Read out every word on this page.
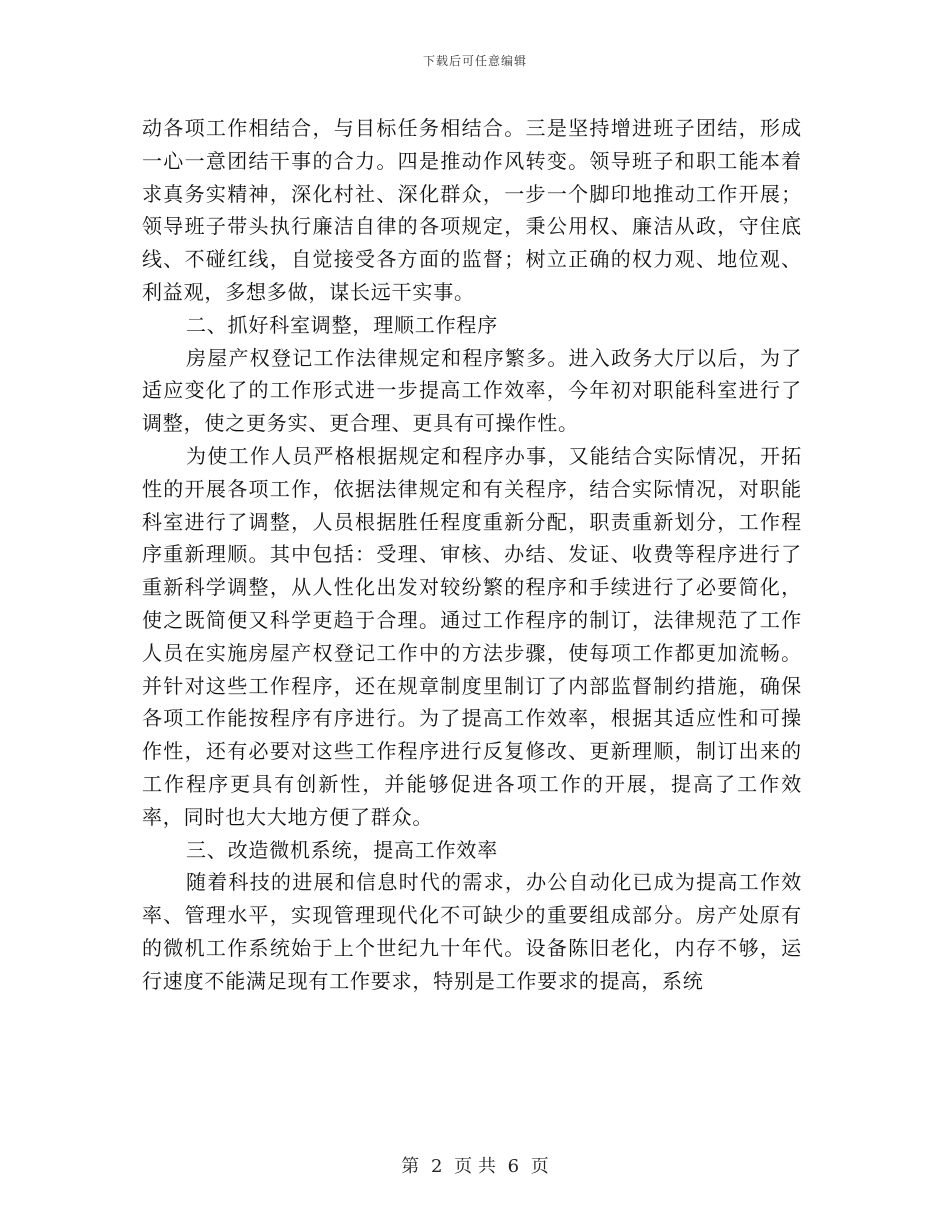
下载后可任意编辑

动各项工作相结合，与目标任务相结合。三是坚持增进班子团结，形成一心一意团结干事的合力。四是推动作风转变。领导班子和职工能本着求真务实精神，深化村社、深化群众，一步一个脚印地推动工作开展；领导班子带头执行廉洁自律的各项规定，秉公用权、廉洁从政，守住底线、不碰红线，自觉接受各方面的监督；树立正确的权力观、地位观、利益观，多想多做，谋长远干实事。

二、抓好科室调整，理顺工作程序

房屋产权登记工作法律规定和程序繁多。进入政务大厅以后，为了适应变化了的工作形式进一步提高工作效率，今年初对职能科室进行了调整，使之更务实、更合理、更具有可操作性。

为使工作人员严格根据规定和程序办事，又能结合实际情况，开拓性的开展各项工作，依据法律规定和有关程序，结合实际情况，对职能科室进行了调整，人员根据胜任程度重新分配，职责重新划分，工作程序重新理顺。其中包括：受理、审核、办结、发证、收费等程序进行了重新科学调整，从人性化出发对较纷繁的程序和手续进行了必要简化，使之既简便又科学更趋于合理。通过工作程序的制订，法律规范了工作人员在实施房屋产权登记工作中的方法步骤，使每项工作都更加流畅。并针对这些工作程序，还在规章制度里制订了内部监督制约措施，确保各项工作能按程序有序进行。为了提高工作效率，根据其适应性和可操作性，还有必要对这些工作程序进行反复修改、更新理顺，制订出来的工作程序更具有创新性，并能够促进各项工作的开展，提高了工作效率，同时也大大地方便了群众。

三、改造微机系统，提高工作效率

随着科技的进展和信息时代的需求，办公自动化已成为提高工作效率、管理水平，实现管理现代化不可缺少的重要组成部分。房产处原有的微机工作系统始于上个世纪九十年代。设备陈旧老化，内存不够，运行速度不能满足现有工作要求，特别是工作要求的提高，系统

第 2 页 共 6 页
